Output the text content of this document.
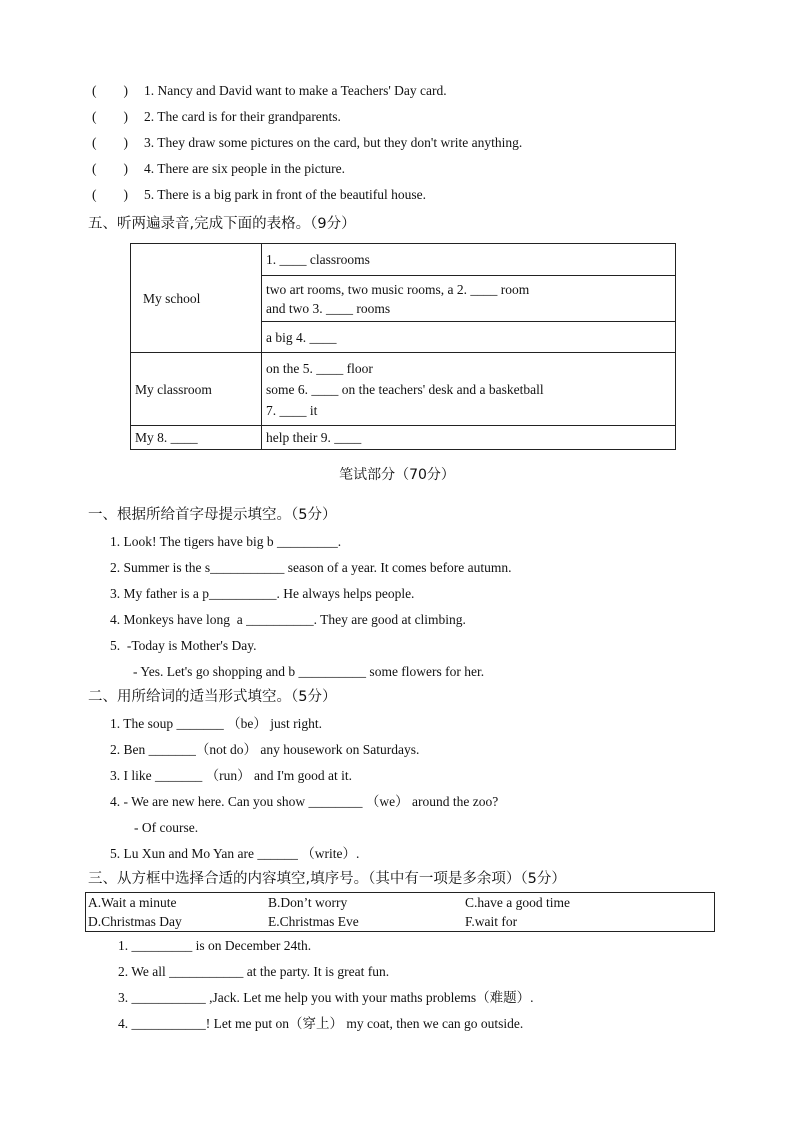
(        ) 1. Nancy and David want to make a Teachers' Day card.
(        ) 2. The card is for their grandparents.
(        ) 3. They draw some pictures on the card, but they don't write anything.
(        ) 4. There are six people in the picture.
(        ) 5. There is a big park in front of the beautiful house.
五、听两遍录音,完成下面的表格。（9分）
My school	1. ____ classrooms

	two art rooms, two music rooms, a 2. ____ room
and two 3. ____ rooms

	a big 4. ____
My classroom	on the 5. ____ floor
some 6. ____ on the teachers' desk and a basketball
7. ____ it

My 8. ____	help their 9. ____
笔试部分（70分）
一、根据所给首字母提示填空。（5分）
1. Look! The tigers have big b _________.
2. Summer is the s___________ season of a year. It comes before autumn.
3. My father is a p__________. He always helps people.
4. Monkeys have long  a __________. They are good at climbing.
5.  -Today is Mother's Day.
- Yes. Let's go shopping and b __________ some flowers for her.
二、用所给词的适当形式填空。（5分）
1. The soup _______ （be） just right.
2. Ben _______（not do） any housework on Saturdays.
3. I like _______ （run） and I'm good at it.
4. - We are new here. Can you show ________ （we） around the zoo?
- Of course.
5. Lu Xun and Mo Yan are ______ （write）.
三、从方框中选择合适的内容填空,填序号。（其中有一项是多余项）（5分）
A.Wait a minute	B.Don’t worry	C.have a good time
D.Christmas Day	E.Christmas Eve	F.wait for
1. _________ is on December 24th.
2. We all ___________ at the party. It is great fun.
3. ___________ ,Jack. Let me help you with your maths problems（难题）.
4. ___________! Let me put on（穿上） my coat, then we can go outside.
